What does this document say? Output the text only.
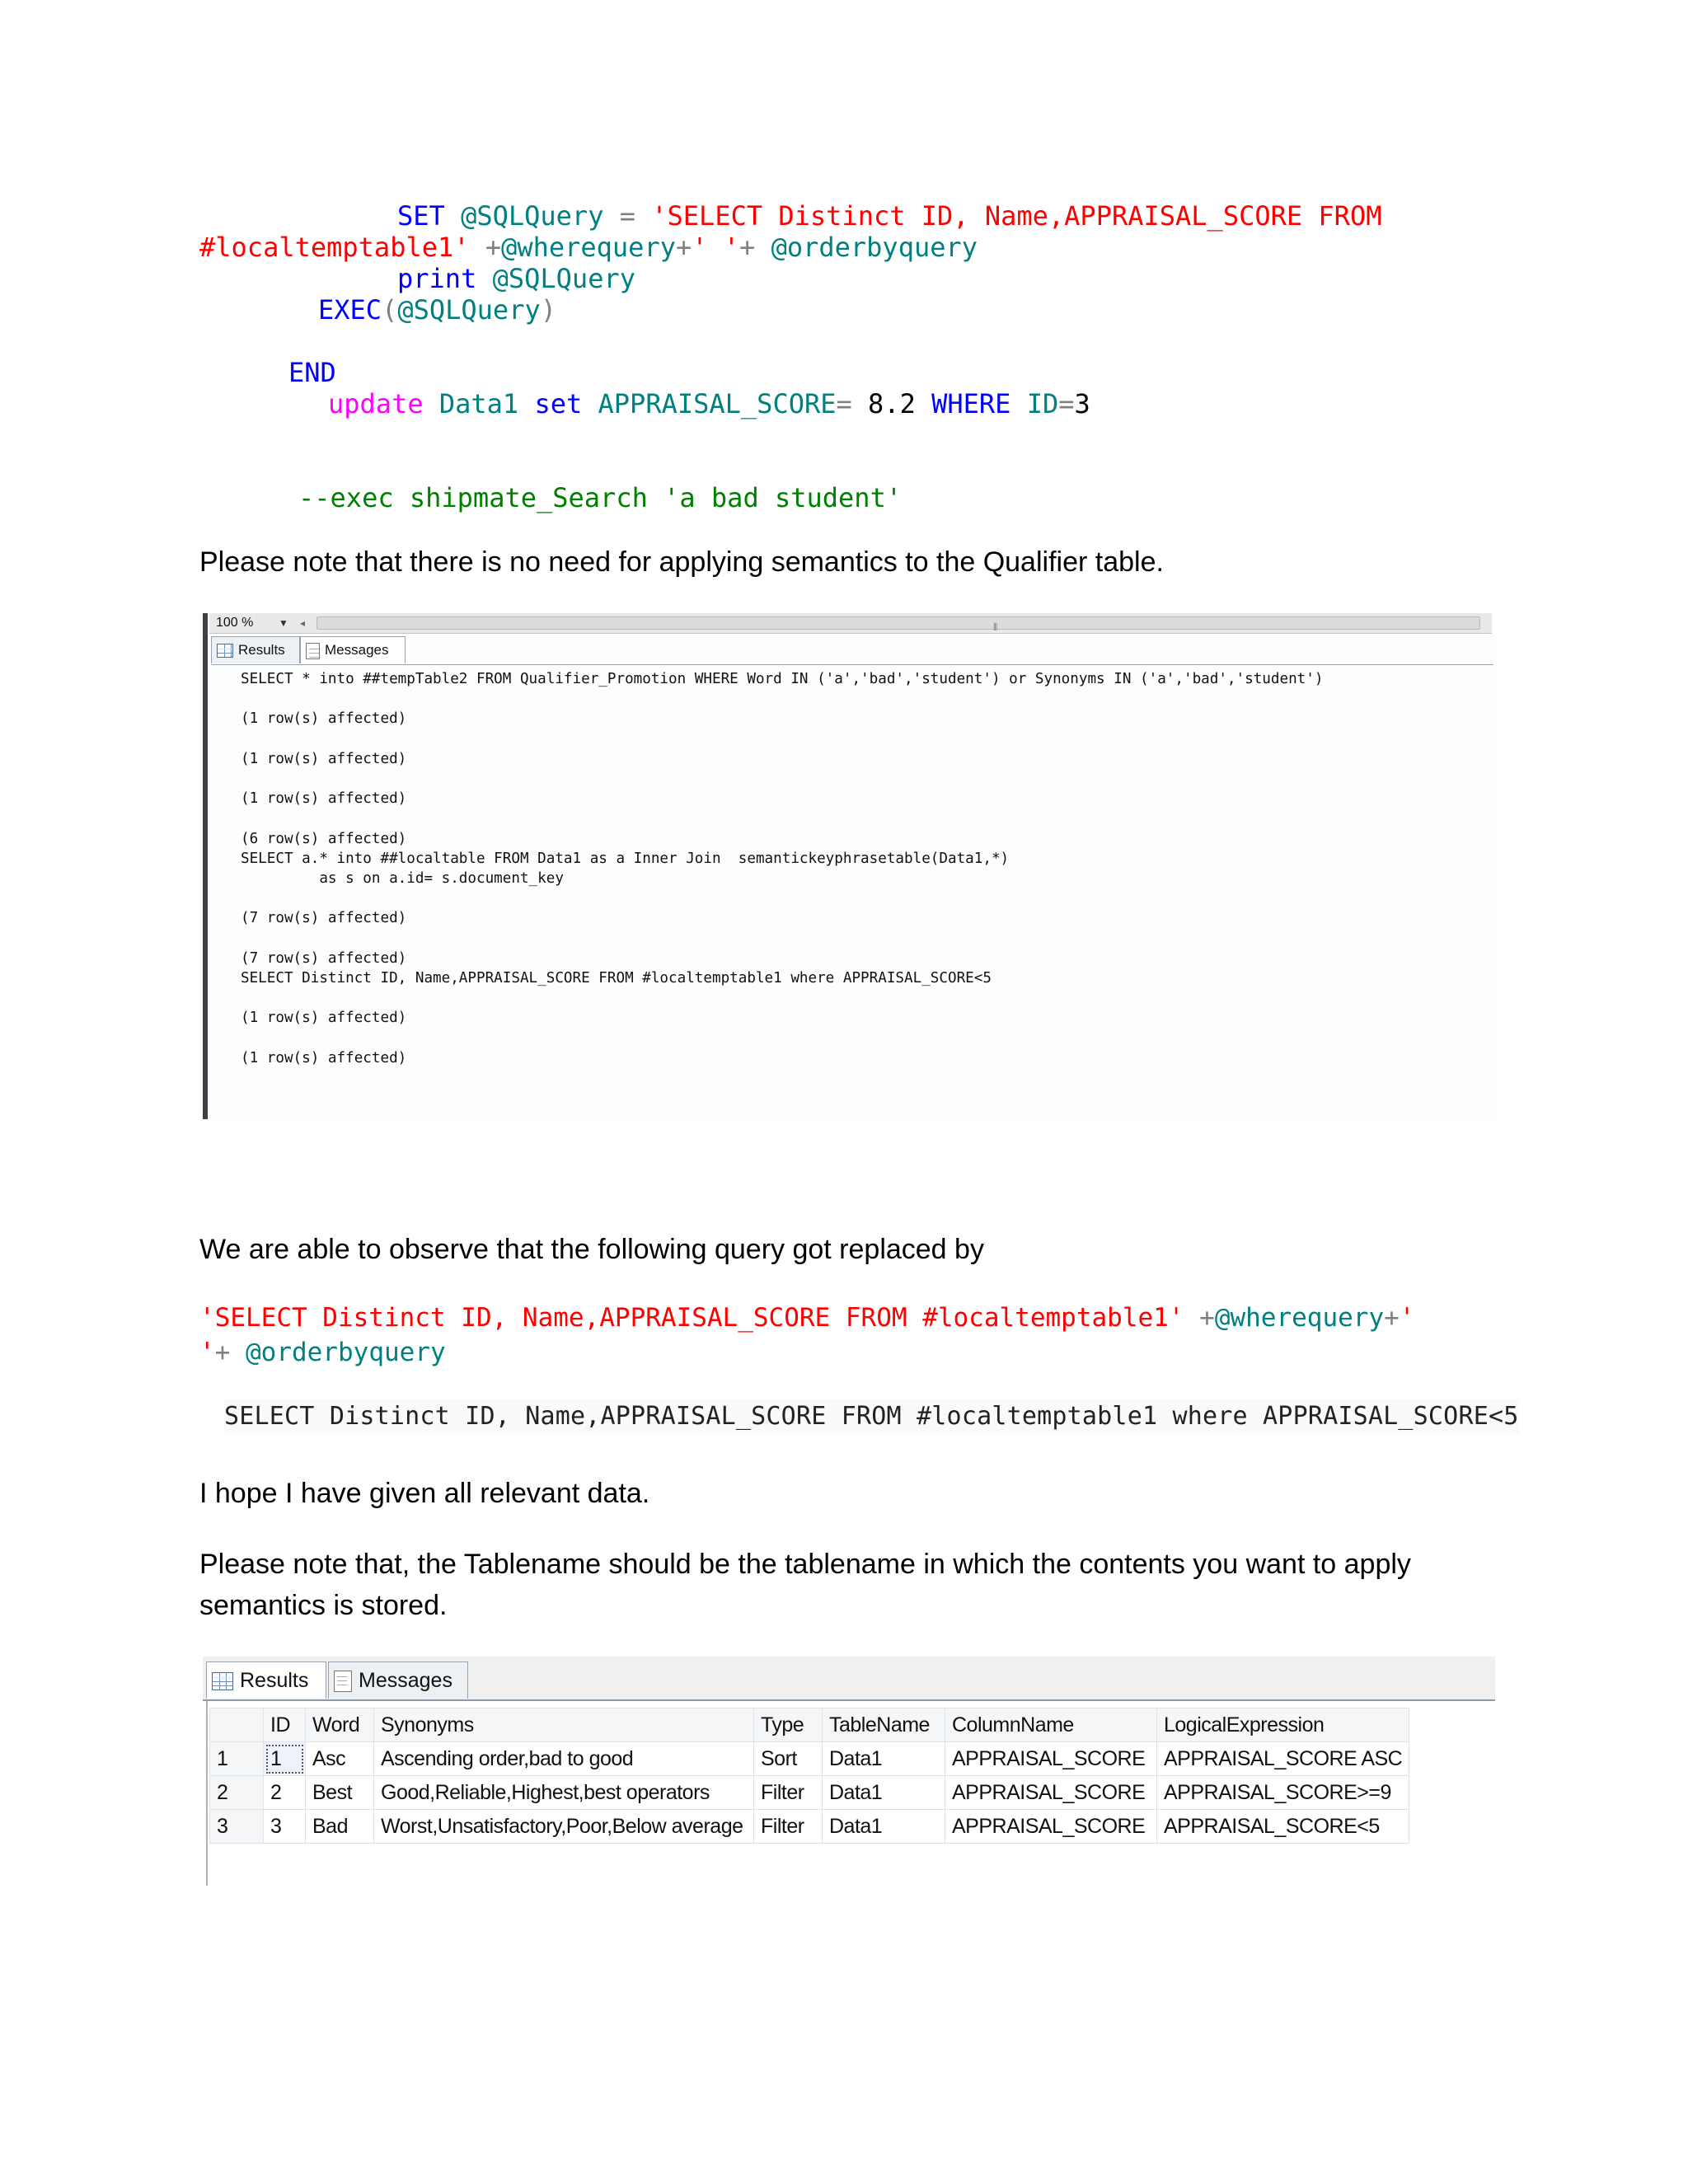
SET @SQLQuery = 'SELECT Distinct ID, Name,APPRAISAL_SCORE FROM
#localtemptable1' +@wherequery+' '+ @orderbyquery
print @SQLQuery
EXEC(@SQLQuery)
END
update Data1 set APPRAISAL_SCORE= 8.2 WHERE ID=3
--exec shipmate_Search 'a bad student'
Please note that there is no need for applying semantics to the Qualifier table.
100 %	▼ ◂	⦀
Results	Messages
SELECT * into ##tempTable2 FROM Qualifier_Promotion WHERE Word IN ('a','bad','student') or Synonyms IN ('a','bad','student')
(1 row(s) affected)
(1 row(s) affected)
(1 row(s) affected)
(6 row(s) affected)
SELECT a.* into ##localtable FROM Data1 as a Inner Join  semantickeyphrasetable(Data1,*)
as s on a.id= s.document_key
(7 row(s) affected)
(7 row(s) affected)
SELECT Distinct ID, Name,APPRAISAL_SCORE FROM #localtemptable1 where APPRAISAL_SCORE<5
(1 row(s) affected)
(1 row(s) affected)
We are able to observe that the following query got replaced by
'SELECT Distinct ID, Name,APPRAISAL_SCORE FROM #localtemptable1' +@wherequery+' '+ @orderbyquery
SELECT Distinct ID, Name,APPRAISAL_SCORE FROM #localtemptable1 where APPRAISAL_SCORE<5
I hope I have given all relevant data.
Please note that, the Tablename should be the tablename in which the contents you want to apply
semantics is stored.
Results	Messages
	ID	Word	Synonyms	Type	TableName	ColumnName	LogicalExpression
1	1	Asc	Ascending order,bad to good	Sort	Data1	APPRAISAL_SCORE	APPRAISAL_SCORE ASC
2	2	Best	Good,Reliable,Highest,best operators	Filter	Data1	APPRAISAL_SCORE	APPRAISAL_SCORE>=9
3	3	Bad	Worst,Unsatisfactory,Poor,Below average	Filter	Data1	APPRAISAL_SCORE	APPRAISAL_SCORE<5
